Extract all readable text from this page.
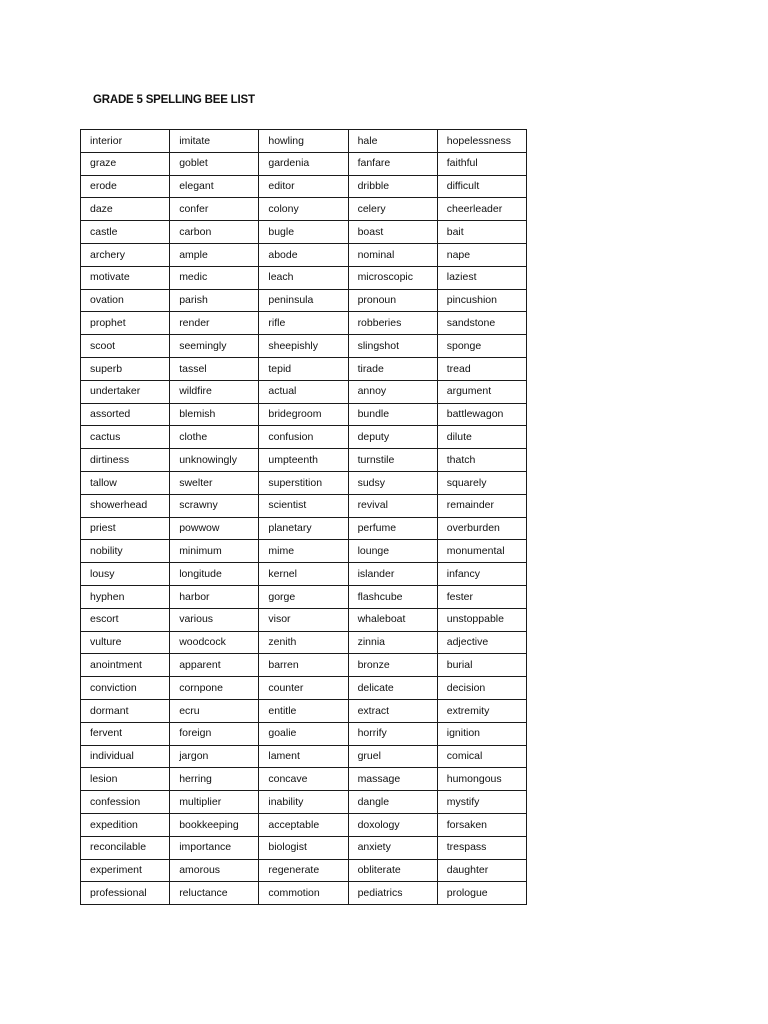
GRADE 5 SPELLING BEE LIST
interior	imitate	howling	hale	hopelessness
graze	goblet	gardenia	fanfare	faithful
erode	elegant	editor	dribble	difficult
daze	confer	colony	celery	cheerleader
castle	carbon	bugle	boast	bait
archery	ample	abode	nominal	nape
motivate	medic	leach	microscopic	laziest
ovation	parish	peninsula	pronoun	pincushion
prophet	render	rifle	robberies	sandstone
scoot	seemingly	sheepishly	slingshot	sponge
superb	tassel	tepid	tirade	tread
undertaker	wildfire	actual	annoy	argument
assorted	blemish	bridegroom	bundle	battlewagon
cactus	clothe	confusion	deputy	dilute
dirtiness	unknowingly	umpteenth	turnstile	thatch
tallow	swelter	superstition	sudsy	squarely
showerhead	scrawny	scientist	revival	remainder
priest	powwow	planetary	perfume	overburden
nobility	minimum	mime	lounge	monumental
lousy	longitude	kernel	islander	infancy
hyphen	harbor	gorge	flashcube	fester
escort	various	visor	whaleboat	unstoppable
vulture	woodcock	zenith	zinnia	adjective
anointment	apparent	barren	bronze	burial
conviction	cornpone	counter	delicate	decision
dormant	ecru	entitle	extract	extremity
fervent	foreign	goalie	horrify	ignition
individual	jargon	lament	gruel	comical
lesion	herring	concave	massage	humongous
confession	multiplier	inability	dangle	mystify
expedition	bookkeeping	acceptable	doxology	forsaken
reconcilable	importance	biologist	anxiety	trespass
experiment	amorous	regenerate	obliterate	daughter
professional	reluctance	commotion	pediatrics	prologue
